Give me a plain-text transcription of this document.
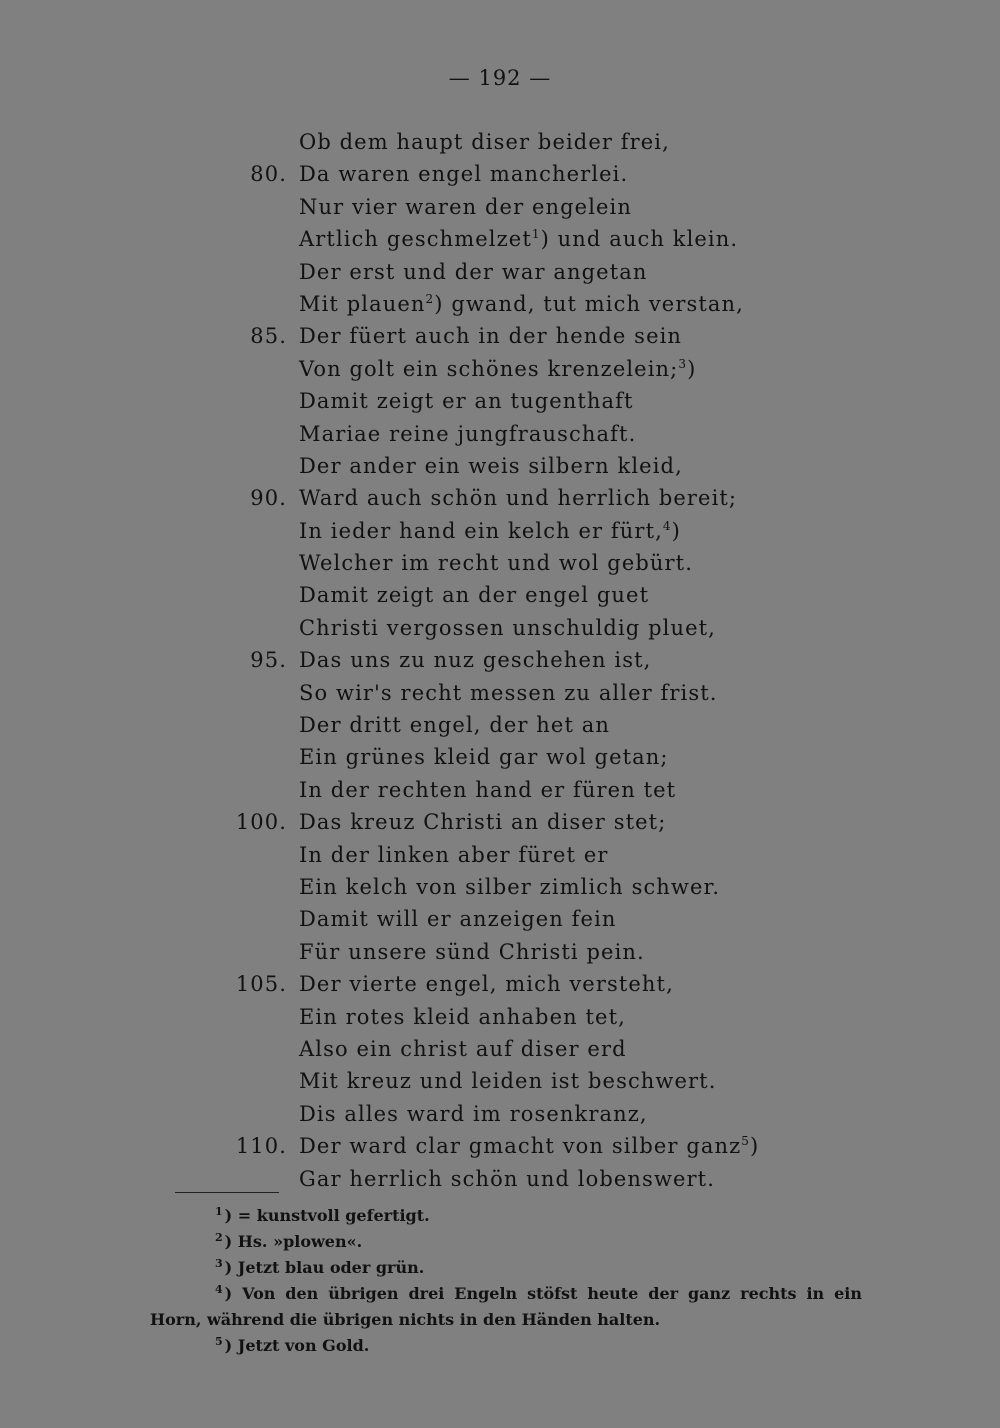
— 192 —
Ob dem haupt diser beider frei,
80. Da waren engel mancherlei.
Nur vier waren der engelein
Artlich geschmelzet$^1$) und auch klein.
Der erst und der war angetan
Mit plauen$^2$) gwand, tut mich verstan,
85. Der füert auch in der hende sein
Von golt ein schönes krenzelein;$^3$)
Damit zeigt er an tugenthaft
Mariae reine jungfrauschaft.
Der ander ein weis silbern kleid,
90. Ward auch schön und herrlich bereit;
In ieder hand ein kelch er fürt,$^4$)
Welcher im recht und wol gebürt.
Damit zeigt an der engel guet
Christi vergossen unschuldig pluet,
95. Das uns zu nuz geschehen ist,
So wir's recht messen zu aller frist.
Der dritt engel, der het an
Ein grünes kleid gar wol getan;
In der rechten hand er füren tet
100. Das kreuz Christi an diser stet;
In der linken aber füret er
Ein kelch von silber zimlich schwer.
Damit will er anzeigen fein
Für unsere sünd Christi pein.
105. Der vierte engel, mich versteht,
Ein rotes kleid anhaben tet,
Also ein christ auf diser erd
Mit kreuz und leiden ist beschwert.
Dis alles ward im rosenkranz,
110. Der ward clar gmacht von silber ganz$^5$)
Gar herrlich schön und lobenswert.
$^1$ ) = kunstvoll gefertigt.
$^2$ ) Hs. »plowen«.
$^3$ ) Jetzt blau oder grün.
$^4$ ) Von den übrigen drei Engeln stöfst heute der ganz rechts in ein
Horn, während die übrigen nichts in den Händen halten.
$^5$ ) Jetzt von Gold.
